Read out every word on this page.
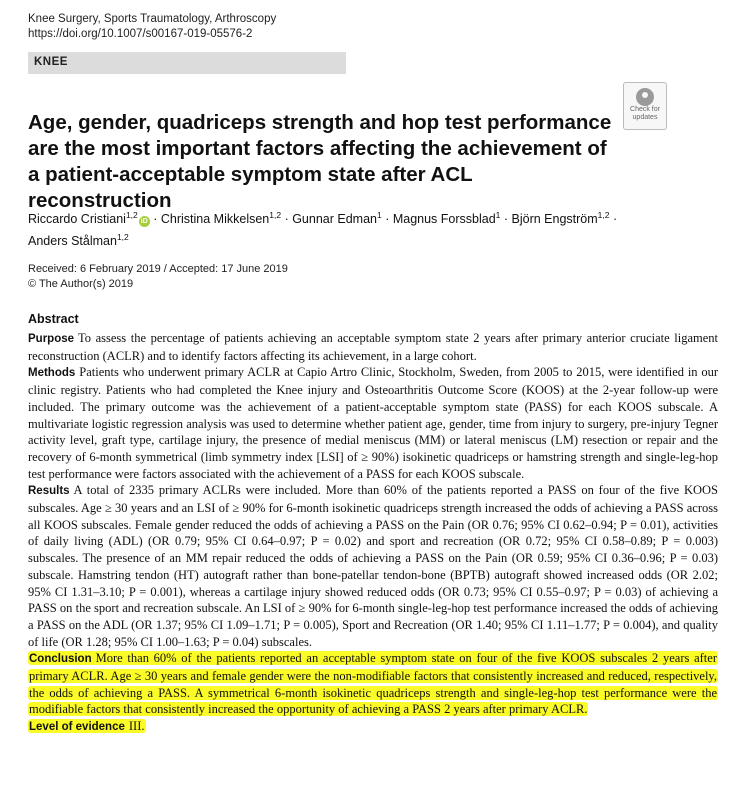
Knee Surgery, Sports Traumatology, Arthroscopy
https://doi.org/10.1007/s00167-019-05576-2
KNEE
Check for
updates
Age, gender, quadriceps strength and hop test performance are the most important factors affecting the achievement of a patient-acceptable symptom state after ACL reconstruction
Riccardo Cristiani$^{1,2}$iD · Christina Mikkelsen$^{1,2}$ · Gunnar Edman$^1$ · Magnus Forssblad$^1$ · Björn Engström$^{1,2}$ ·
Anders Stålman$^{1,2}$
Received: 6 February 2019 / Accepted: 17 June 2019
© The Author(s) 2019
Abstract

Purpose To assess the percentage of patients achieving an acceptable symptom state 2 years after primary anterior cruciate ligament reconstruction (ACLR) and to identify factors affecting its achievement, in a large cohort.

Methods Patients who underwent primary ACLR at Capio Artro Clinic, Stockholm, Sweden, from 2005 to 2015, were identified in our clinic registry. Patients who had completed the Knee injury and Osteoarthritis Outcome Score (KOOS) at the 2-year follow-up were included. The primary outcome was the achievement of a patient-acceptable symptom state (PASS) for each KOOS subscale. A multivariate logistic regression analysis was used to determine whether patient age, gender, time from injury to surgery, pre-injury Tegner activity level, graft type, cartilage injury, the presence of medial meniscus (MM) or lateral meniscus (LM) resection or repair and the recovery of 6-month symmetrical (limb symmetry index [LSI] of ≥ 90%) isokinetic quadriceps or hamstring strength and single-leg-hop test performance were factors associated with the achievement of a PASS for each KOOS subscale.

Results A total of 2335 primary ACLRs were included. More than 60% of the patients reported a PASS on four of the five KOOS subscales. Age ≥ 30 years and an LSI of ≥ 90% for 6-month isokinetic quadriceps strength increased the odds of achieving a PASS across all KOOS subscales. Female gender reduced the odds of achieving a PASS on the Pain (OR 0.76; 95% CI 0.62–0.94; P = 0.01), activities of daily living (ADL) (OR 0.79; 95% CI 0.64–0.97; P = 0.02) and sport and recreation (OR 0.72; 95% CI 0.58–0.89; P = 0.003) subscales. The presence of an MM repair reduced the odds of achieving a PASS on the Pain (OR 0.59; 95% CI 0.36–0.96; P = 0.03) subscale. Hamstring tendon (HT) autograft rather than bone-patellar tendon-bone (BPTB) autograft showed increased odds (OR 2.02; 95% CI 1.31–3.10; P = 0.001), whereas a cartilage injury showed reduced odds (OR 0.73; 95% CI 0.55–0.97; P = 0.03) of achieving a PASS on the sport and recreation subscale. An LSI of ≥ 90% for 6-month single-leg-hop test performance increased the odds of achieving a PASS on the ADL (OR 1.37; 95% CI 1.09–1.71; P = 0.005), Sport and Recreation (OR 1.40; 95% CI 1.11–1.77; P = 0.004), and quality of life (OR 1.28; 95% CI 1.00–1.63; P = 0.04) subscales.

Conclusion More than 60% of the patients reported an acceptable symptom state on four of the five KOOS subscales 2 years after primary ACLR. Age ≥ 30 years and female gender were the non-modifiable factors that consistently increased and reduced, respectively, the odds of achieving a PASS. A symmetrical 6-month isokinetic quadriceps strength and single-leg-hop test performance were the modifiable factors that consistently increased the opportunity of achieving a PASS 2 years after primary ACLR.

Level of evidence III.
